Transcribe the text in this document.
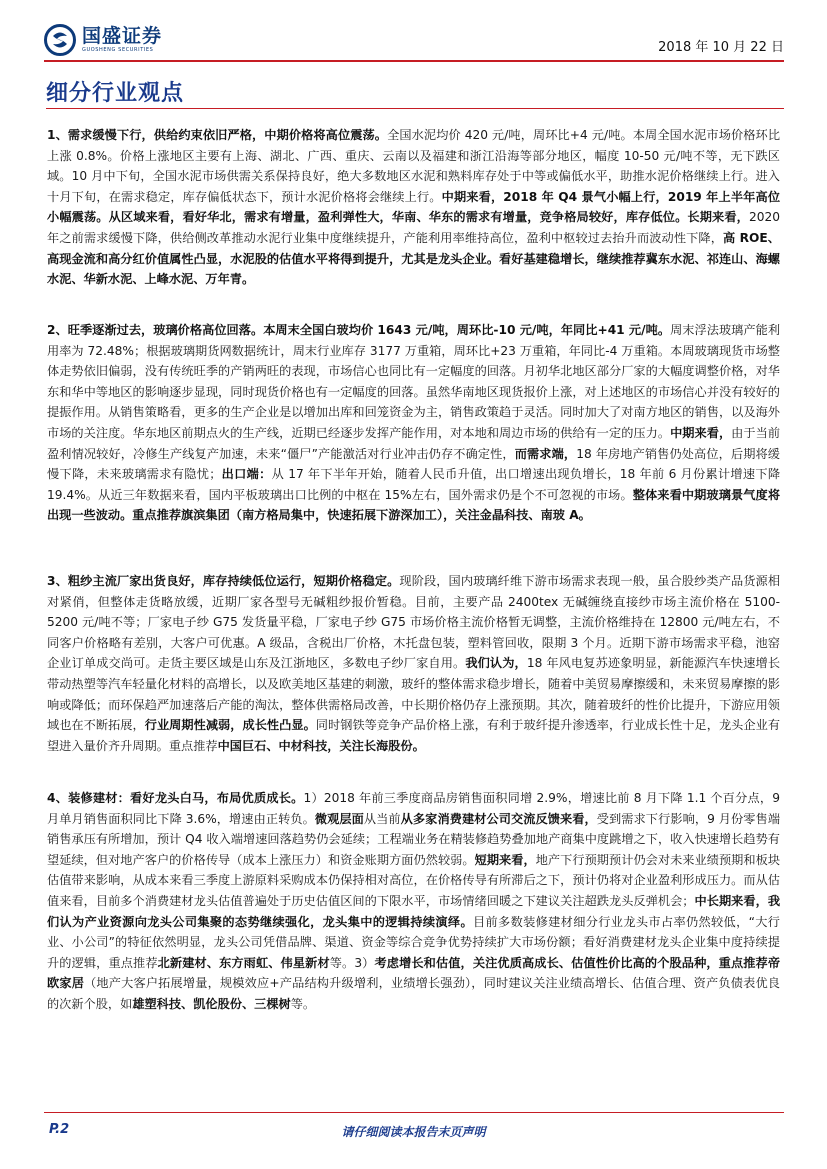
国盛证券
GUOSHENG SECURITIES	2018 年 10 月 22 日
细分行业观点
1、需求缓慢下行，供给约束依旧严格，中期价格将高位震荡。全国水泥均价 420 元/吨，周环比+4 元/吨。本周全国水泥市场价格环比上涨 0.8%。价格上涨地区主要有上海、湖北、广西、重庆、云南以及福建和浙江沿海等部分地区，幅度 10-50 元/吨不等，无下跌区域。10 月中下旬，全国水泥市场供需关系保持良好，绝大多数地区水泥和熟料库存处于中等或偏低水平，助推水泥价格继续上行。进入十月下旬，在需求稳定，库存偏低状态下，预计水泥价格将会继续上行。中期来看，2018 年 Q4 景气小幅上行，2019 年上半年高位小幅震荡。从区域来看，看好华北，需求有增量，盈利弹性大，华南、华东的需求有增量，竞争格局较好，库存低位。长期来看，2020 年之前需求缓慢下降，供给侧改革推动水泥行业集中度继续提升，产能利用率维持高位，盈利中枢较过去抬升而波动性下降，高 ROE、高现金流和高分红价值属性凸显，水泥股的估值水平将得到提升，尤其是龙头企业。看好基建稳增长，继续推荐冀东水泥、祁连山、海螺水泥、华新水泥、上峰水泥、万年青。
2、旺季逐渐过去，玻璃价格高位回落。本周末全国白玻均价 1643 元/吨，周环比-10 元/吨，年同比+41 元/吨。周末浮法玻璃产能利用率为 72.48%；根据玻璃期货网数据统计，周末行业库存 3177 万重箱，周环比+23 万重箱，年同比-4 万重箱。本周玻璃现货市场整体走势依旧偏弱，没有传统旺季的产销两旺的表现，市场信心也同比有一定幅度的回落。月初华北地区部分厂家的大幅度调整价格，对华东和华中等地区的影响逐步显现，同时现货价格也有一定幅度的回落。虽然华南地区现货报价上涨，对上述地区的市场信心并没有较好的提振作用。从销售策略看，更多的生产企业是以增加出库和回笼资金为主，销售政策趋于灵活。同时加大了对南方地区的销售，以及海外市场的关注度。华东地区前期点火的生产线，近期已经逐步发挥产能作用，对本地和周边市场的供给有一定的压力。中期来看，由于当前盈利情况较好，冷修生产线复产加速，未来“僵尸”产能激活对行业冲击仍存不确定性，而需求端，18 年房地产销售仍处高位，后期将缓慢下降，未来玻璃需求有隐忧；出口端：从 17 年下半年开始，随着人民币升值，出口增速出现负增长，18 年前 6 月份累计增速下降 19.4%。从近三年数据来看，国内平板玻璃出口比例的中枢在 15%左右，国外需求仍是个不可忽视的市场。整体来看中期玻璃景气度将出现一些波动。重点推荐旗滨集团（南方格局集中，快速拓展下游深加工），关注金晶科技、南玻 A。
3、粗纱主流厂家出货良好，库存持续低位运行，短期价格稳定。现阶段，国内玻璃纤维下游市场需求表现一般，虽合股纱类产品货源相对紧俏，但整体走货略放缓，近期厂家各型号无碱粗纱报价暂稳。目前，主要产品 2400tex 无碱缠绕直接纱市场主流价格在 5100-5200 元/吨不等；厂家电子纱 G75 发货量平稳，厂家电子纱 G75 市场价格主流价格暂无调整，主流价格维持在 12800 元/吨左右，不同客户价格略有差别，大客户可优惠。A 级品，含税出厂价格，木托盘包装，塑料管回收，限期 3 个月。近期下游市场需求平稳，池窑企业订单成交尚可。走货主要区域是山东及江浙地区，多数电子纱厂家自用。我们认为，18 年风电复苏迹象明显，新能源汽车快速增长带动热塑等汽车轻量化材料的高增长，以及欧美地区基建的刺激，玻纤的整体需求稳步增长，随着中美贸易摩擦缓和，未来贸易摩擦的影响或降低；而环保趋严加速落后产能的淘汰，整体供需格局改善，中长期价格仍存上涨预期。其次，随着玻纤的性价比提升，下游应用领域也在不断拓展，行业周期性减弱，成长性凸显。同时钢铁等竞争产品价格上涨，有利于玻纤提升渗透率，行业成长性十足，龙头企业有望进入量价齐升周期。重点推荐中国巨石、中材科技，关注长海股份。
4、装修建材：看好龙头白马，布局优质成长。1）2018 年前三季度商品房销售面积同增 2.9%，增速比前 8 月下降 1.1 个百分点，9 月单月销售面积同比下降 3.6%，增速由正转负。微观层面从当前从多家消费建材公司交流反馈来看，受到需求下行影响，9 月份零售端销售承压有所增加，预计 Q4 收入端增速回落趋势仍会延续；工程端业务在精装修趋势叠加地产商集中度跳增之下，收入快速增长趋势有望延续，但对地产客户的价格传导（成本上涨压力）和资金账期方面仍然较弱。短期来看，地产下行预期预计仍会对未来业绩预期和板块估值带来影响，从成本来看三季度上游原料采购成本仍保持相对高位，在价格传导有所滞后之下，预计仍将对企业盈利形成压力。而从估值来看，目前多个消费建材龙头估值普遍处于历史估值区间的下限水平，市场情绪回暖之下建议关注超跌龙头反弹机会；中长期来看，我们认为产业资源向龙头公司集聚的态势继续强化，龙头集中的逻辑持续演绎。目前多数装修建材细分行业龙头市占率仍然较低，“大行业、小公司”的特征依然明显，龙头公司凭借品牌、渠道、资金等综合竞争优势持续扩大市场份额；看好消费建材龙头企业集中度持续提升的逻辑，重点推荐北新建材、东方雨虹、伟星新材等。3）考虑增长和估值，关注优质高成长、估值性价比高的个股品种，重点推荐帝欧家居（地产大客户拓展增量，规模效应+产品结构升级增利，业绩增长强劲），同时建议关注业绩高增长、估值合理、资产负债表优良的次新个股，如雄塑科技、凯伦股份、三棵树等。
P.2	请仔细阅读本报告末页声明
